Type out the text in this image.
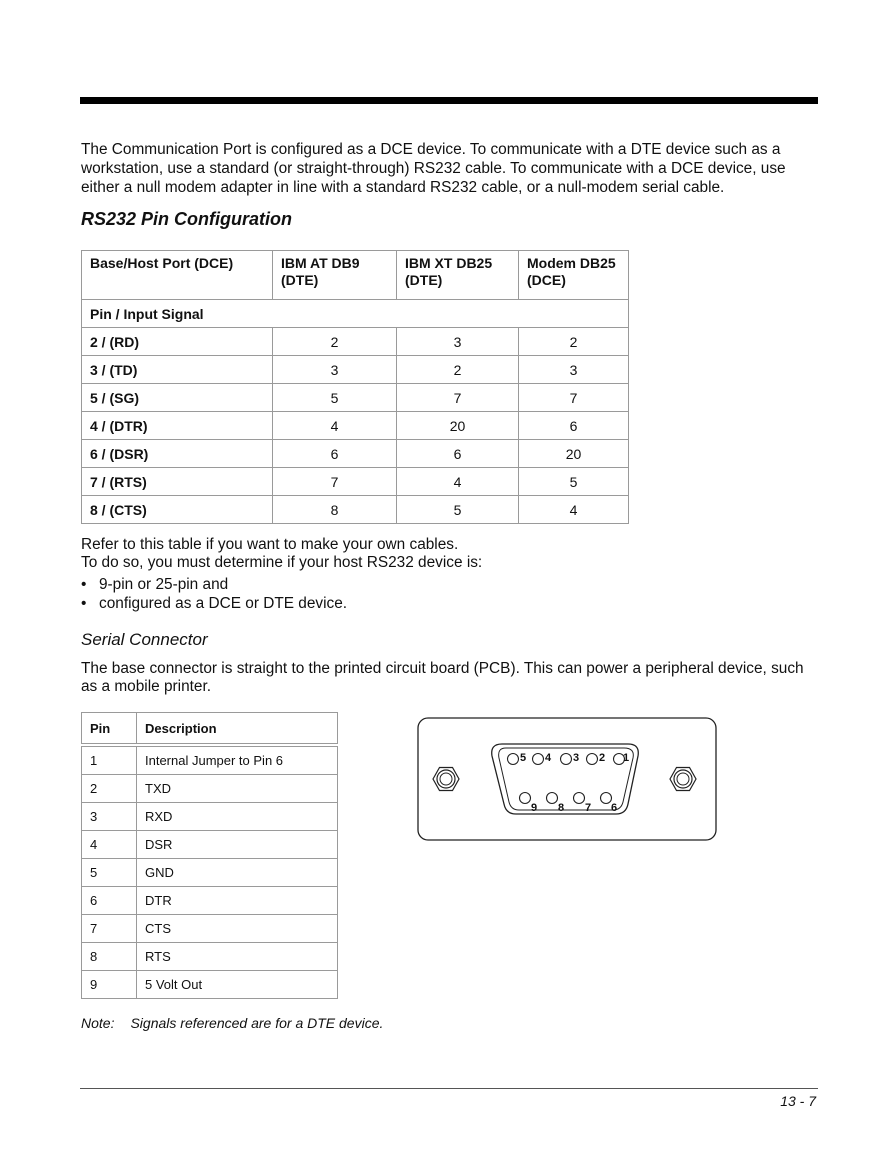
The Communication Port is configured as a DCE device. To communicate with a DTE device such as a workstation, use a standard (or straight-through) RS232 cable. To communicate with a DCE device, use either a null modem adapter in line with a standard RS232 cable, or a null-modem serial cable.

RS232 Pin Configuration
Base/Host Port (DCE)	IBM AT DB9 (DTE)	IBM XT DB25 (DTE)	Modem DB25 (DCE)
Pin / Input Signal			
2 / (RD)	2	3	2
3 / (TD)	3	2	3
5 / (SG)	5	7	7
4 / (DTR)	4	20	6
6 / (DSR)	6	6	20
7 / (RTS)	7	4	5
8 / (CTS)	8	5	4

Refer to this table if you want to make your own cables.
To do so, you must determine if your host RS232 device is:

• 9-pin or 25-pin and
• configured as a DCE or DTE device.
Serial Connector

The base connector is straight to the printed circuit board (PCB). This can power a peripheral device, such as a mobile printer.

Pin	Description
1	Internal Jumper to Pin 6
2	TXD
3	RXD
4	DSR
5	GND
6	DTR
7	CTS
8	RTS
9	5 Volt Out
5 4 3 2 1
9 8 7 6

Note: Signals referenced are for a DTE device.

13 - 7
